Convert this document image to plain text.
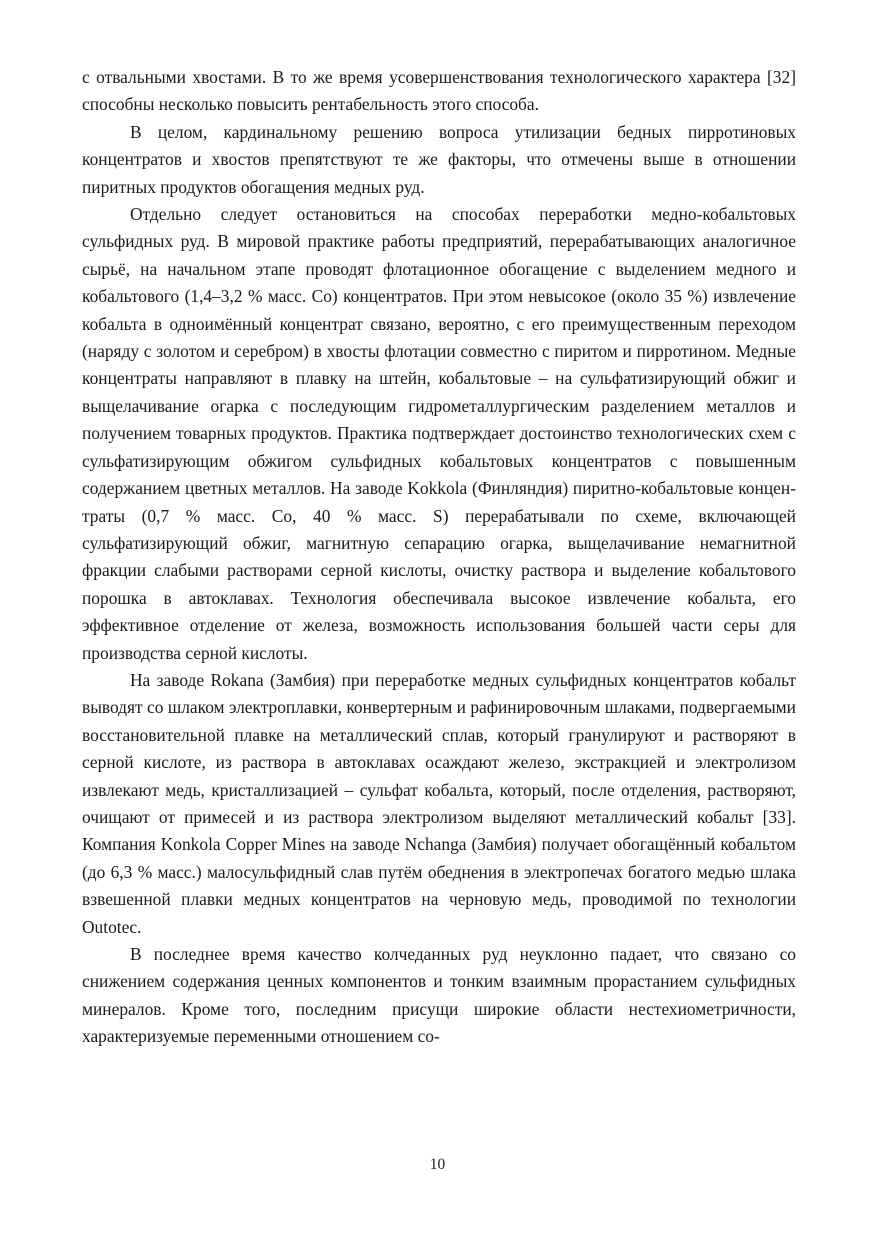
с отвальными хвостами. В то же время усовершенствования технологического характера [32] способны несколько повысить рентабельность этого способа.

В целом, кардинальному решению вопроса утилизации бедных пирротиновых концентратов и хвостов препятствуют те же факторы, что отмечены выше в отношении пиритных продуктов обогащения медных руд.

Отдельно следует остановиться на способах переработки медно-кобальтовых сульфидных руд. В мировой практике работы предприятий, перерабатывающих аналогичное сырьё, на начальном этапе проводят флотационное обогащение с выделением медного и кобальтового (1,4–3,2 % масс. Co) концентратов. При этом невысокое (около 35 %) извлечение кобальта в одноимённый концентрат связано, вероятно, с его преимущественным переходом (наряду с золотом и серебром) в хвосты флотации совместно с пиритом и пирротином. Медные концентраты направляют в плавку на штейн, кобальтовые – на сульфатизирующий обжиг и выщелачивание огарка с последующим гидрометаллургическим разделением металлов и получением товарных продуктов. Практика подтверждает достоинство технологических схем с сульфатизирующим обжигом сульфидных кобальтовых концентратов с повышенным содержанием цветных металлов. На заводе Kokkola (Финляндия) пиритно-кобальтовые концентраты (0,7 % масс. Co, 40 % масс. S) перерабатывали по схеме, включающей сульфатизирующий обжиг, магнитную сепарацию огарка, выщелачивание немагнитной фракции слабыми растворами серной кислоты, очистку раствора и выделение кобальтового порошка в автоклавах. Технология обеспечивала высокое извлечение кобальта, его эффективное отделение от железа, возможность использования большей части серы для производства серной кислоты.

На заводе Rokana (Замбия) при переработке медных сульфидных концентратов кобальт выводят со шлаком электроплавки, конвертерным и рафинировочным шлаками, подвергаемыми восстановительной плавке на металлический сплав, который гранулируют и растворяют в серной кислоте, из раствора в автоклавах осаждают железо, экстракцией и электролизом извлекают медь, кристаллизацией – сульфат кобальта, который, после отделения, растворяют, очищают от примесей и из раствора электролизом выделяют металлический кобальт [33]. Компания Konkola Copper Mines на заводе Nchanga (Замбия) получает обогащённый кобальтом (до 6,3 % масс.) малосульфидный слав путём обеднения в электропечах богатого медью шлака взвешенной плавки медных концентратов на черновую медь, проводимой по технологии Outotec.

В последнее время качество колчеданных руд неуклонно падает, что связано со снижением содержания ценных компонентов и тонким взаимным прорастанием сульфидных минералов. Кроме того, последним присущи широкие области нестехиометричности, характеризуемые переменными отношением со-

10
